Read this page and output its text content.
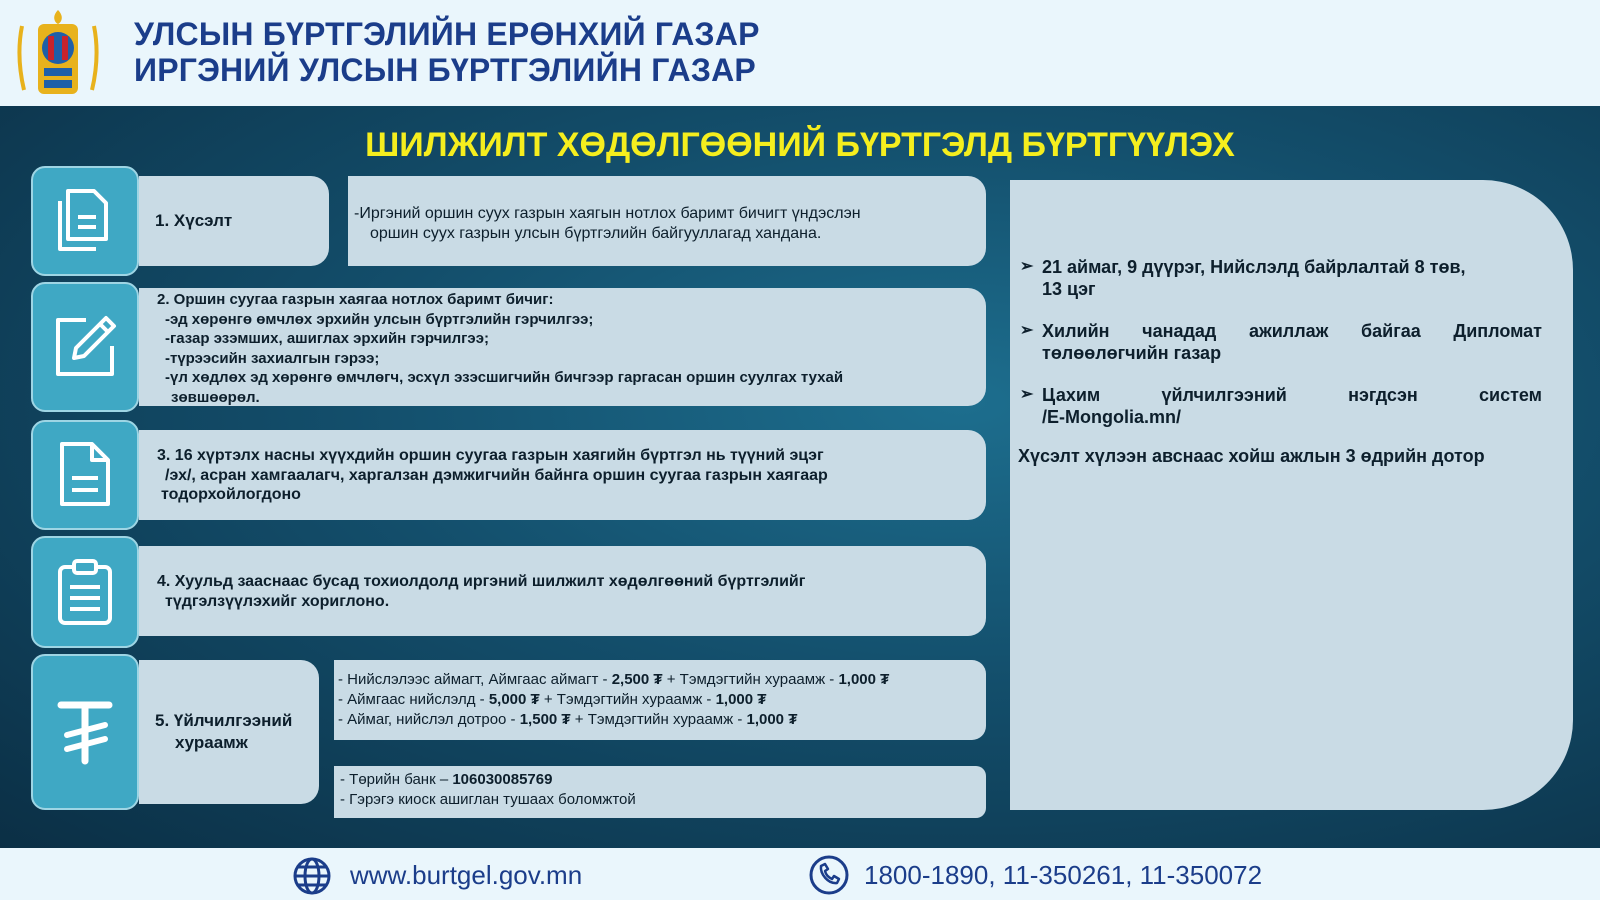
УЛСЫН БҮРТГЭЛИЙН ЕРӨНХИЙ ГАЗАР
ИРГЭНИЙ УЛСЫН БҮРТГЭЛИЙН ГАЗАР
ШИЛЖИЛТ ХӨДӨЛГӨӨНИЙ БҮРТГЭЛД БҮРТГҮҮЛЭХ
1. Хүсэлт	-Иргэний оршин суух газрын хаягын нотлох баримт бичигт үндэслэн
оршин суух газрын улсын бүртгэлийн байгууллагад хандана.
2. Оршин суугаа газрын хаягаа нотлох баримт бичиг:
-эд хөрөнгө өмчлөх эрхийн улсын бүртгэлийн гэрчилгээ;
-газар эзэмших, ашиглах эрхийн гэрчилгээ;
-түрээсийн захиалгын гэрээ;
-үл хөдлөх эд хөрөнгө өмчлөгч, эсхүл эзэсшигчийн бичгээр гаргасан оршин суулгах тухай
зөвшөөрөл.
3. 16 хүртэлх насны хүүхдийн оршин суугаа газрын хаягийн бүртгэл нь түүний эцэг
/эх/, асран хамгаалагч, харгалзан дэмжигчийн байнга оршин суугаа газрын хаягаар
тодорхойлогдоно
4. Хуульд зааснаас бусад тохиолдолд иргэний шилжилт хөдөлгөөний бүртгэлийг
түдгэлзүүлэхийг хориглоно.
5. Үйлчилгээний
хураамж
- Нийслэлээс аймагт, Аймгаас аймагт - 2,500 ₮ + Тэмдэгтийн хураамж - 1,000 ₮
- Аймгаас нийслэлд - 5,000 ₮ + Тэмдэгтийн хураамж - 1,000 ₮
- Аймаг, нийслэл дотроо - 1,500 ₮ + Тэмдэгтийн хураамж - 1,000 ₮
- Төрийн банк – 106030085769
- Гэрэгэ киоск ашиглан тушаах боломжтой
➢ 21 аймаг, 9 дүүрэг, Нийслэлд байрлалтай 8 төв,
13 цэг
➢ Хилийн чанадад ажиллаж байгаа Дипломат
төлөөлөгчийн газар
➢ Цахим үйлчилгээний нэгдсэн систем
/E-Mongolia.mn/
Хүсэлт хүлээн авснаас хойш ажлын 3 өдрийн дотор
www.burtgel.gov.mn	1800-1890, 11-350261, 11-350072
